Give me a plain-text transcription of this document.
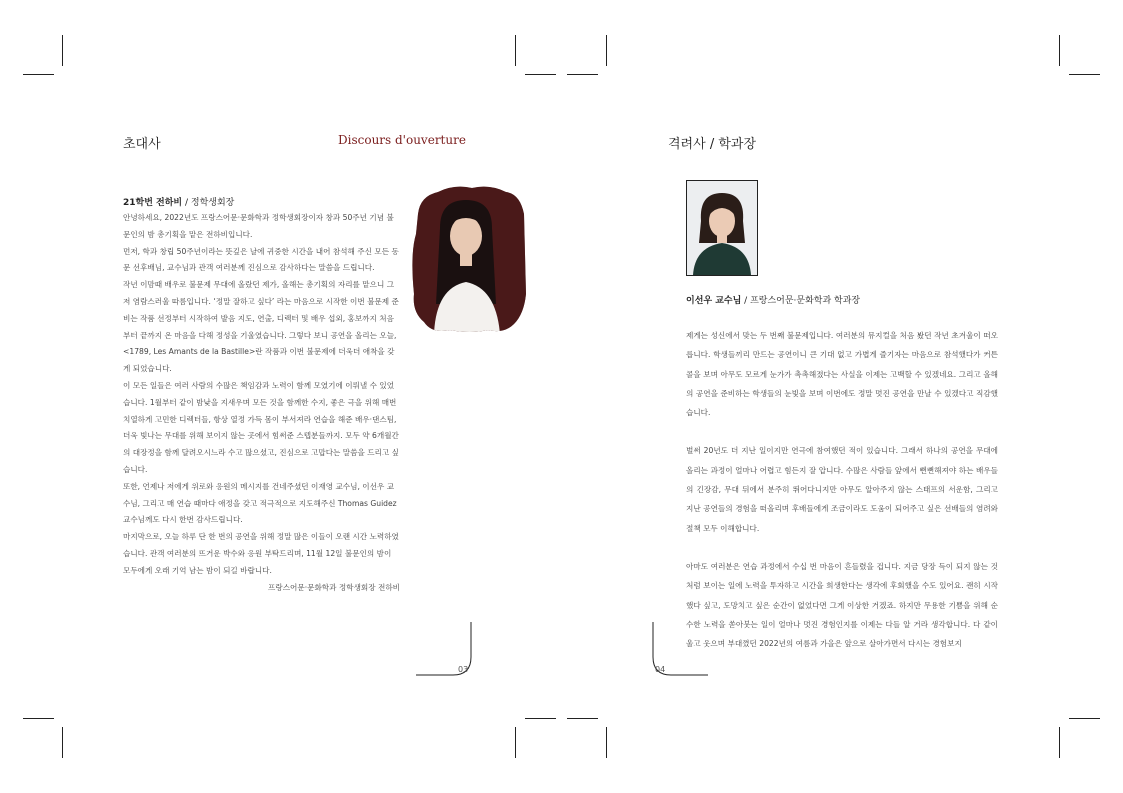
초대사	Discours d'ouverture
21학번 전하비 / 정학생회장

안녕하세요, 2022년도 프랑스어문·문화학과 정학생회장이자 창과 50주년 기념 불문인의 밤 총기획을 맡은 전하비입니다.

먼저, 학과 창립 50주년이라는 뜻깊은 날에 귀중한 시간을 내어 참석해 주신 모든 동문 선후배님, 교수님과 관객 여러분께 진심으로 감사하다는 말씀을 드립니다.

작년 이맘때 배우로 불문제 무대에 올랐던 제가, 올해는 총기획의 자리를 맡으니 그저 염람스러울 따름입니다. ‘정말 잘하고 싶다’ 라는 마음으로 시작한 이번 불문제 준비는 작품 선정부터 시작하여 발음 지도, 연출, 디렉터 및 배우 섭외, 홍보까지 처음부터 끝까지 온 마음을 다해 정성을 기울였습니다. 그렇다 보니 공연을 올리는 오늘, <1789, Les Amants de la Bastille>란 작품과 이번 불문제에 더욱더 애착을 갖게 되었습니다.

이 모든 일들은 여러 사람의 수많은 책임감과 노력이 함께 모였기에 이뤄낼 수 있었습니다. 1월부터 같이 밤낮을 지새우며 모든 것을 함께한 수지, 좋은 극을 위해 매번 치열하게 고민한 디렉터들, 항상 열정 가득 몸이 부서져라 연습을 해준 배우·댄스팀, 더욱 빛나는 무대를 위해 보이지 않는 곳에서 힘써준 스텝분들까지. 모두 약 6개월간의 대장정을 함께 달려오시느라 수고 많으셨고, 진심으로 고맙다는 말씀을 드리고 싶습니다.

또한, 언제나 저에게 위로와 응원의 메시지를 건네주셨던 이재영 교수님, 이선우 교수님, 그리고 매 연습 때마다 애정을 갖고 적극적으로 지도해주신 Thomas Guidez 교수님께도 다시 한번 감사드립니다.

마지막으로, 오늘 하루 단 한 번의 공연을 위해 정말 많은 이들이 오랜 시간 노력하였습니다. 관객 여러분의 뜨거운 박수와 응원 부탁드리며, 11월 12일 불문인의 밤이 모두에게 오래 기억 남는 밤이 되길 바랍니다.

프랑스어문·문화학과 정학생회장 전하비

03
격려사 / 학과장
이선우 교수님 / 프랑스어문·문화학과 학과장

제게는 성신에서 맞는 두 번째 불문제입니다. 여러분의 뮤지컬을 처음 봤던 작년 초겨울이 떠오릅니다. 학생들끼리 만드는 공연이니 큰 기대 없고 가볍게 즐기자는 마음으로 참석했다가 커튼콜을 보며 아무도 모르게 눈가가 촉촉해졌다는 사실을 이제는 고백할 수 있겠네요. 그리고 올해의 공연을 준비하는 학생들의 눈빛을 보며 이번에도 정말 멋진 공연을 만날 수 있겠다고 직감했습니다.

벌써 20년도 더 지난 일이지만 연극에 참여했던 적이 있습니다. 그래서 하나의 공연을 무대에 올리는 과정이 얼마나 어렵고 힘든지 잘 압니다. 수많은 사람들 앞에서 뻔뻔해져야 하는 배우들의 긴장감, 무대 뒤에서 분주히 뛰어다니지만 아무도 알아주지 않는 스태프의 서운함, 그리고 지난 공연들의 경험을 떠올리며 후배들에게 조금이라도 도움이 되어주고 싶은 선배들의 염려와 절책 모두 이해합니다.

아마도 여러분은 연습 과정에서 수십 번 마음이 흔들렸을 겁니다. 지금 당장 득이 되지 않는 것처럼 보이는 일에 노력을 투자하고 시간을 희생한다는 생각에 후회했을 수도 있어요. 괜히 시작했다 싶고, 도망치고 싶은 순간이 없었다면 그게 이상한 거겠죠. 하지만 무용한 기쁨을 위해 순수한 노력을 쏟아붓는 일이 얼마나 멋진 경험인지를 이제는 다들 알 거라 생각합니다. 다 같이 울고 웃으며 부대꼈던 2022년의 여름과 가을은 앞으로 살아가면서 다시는 경험보지

04
